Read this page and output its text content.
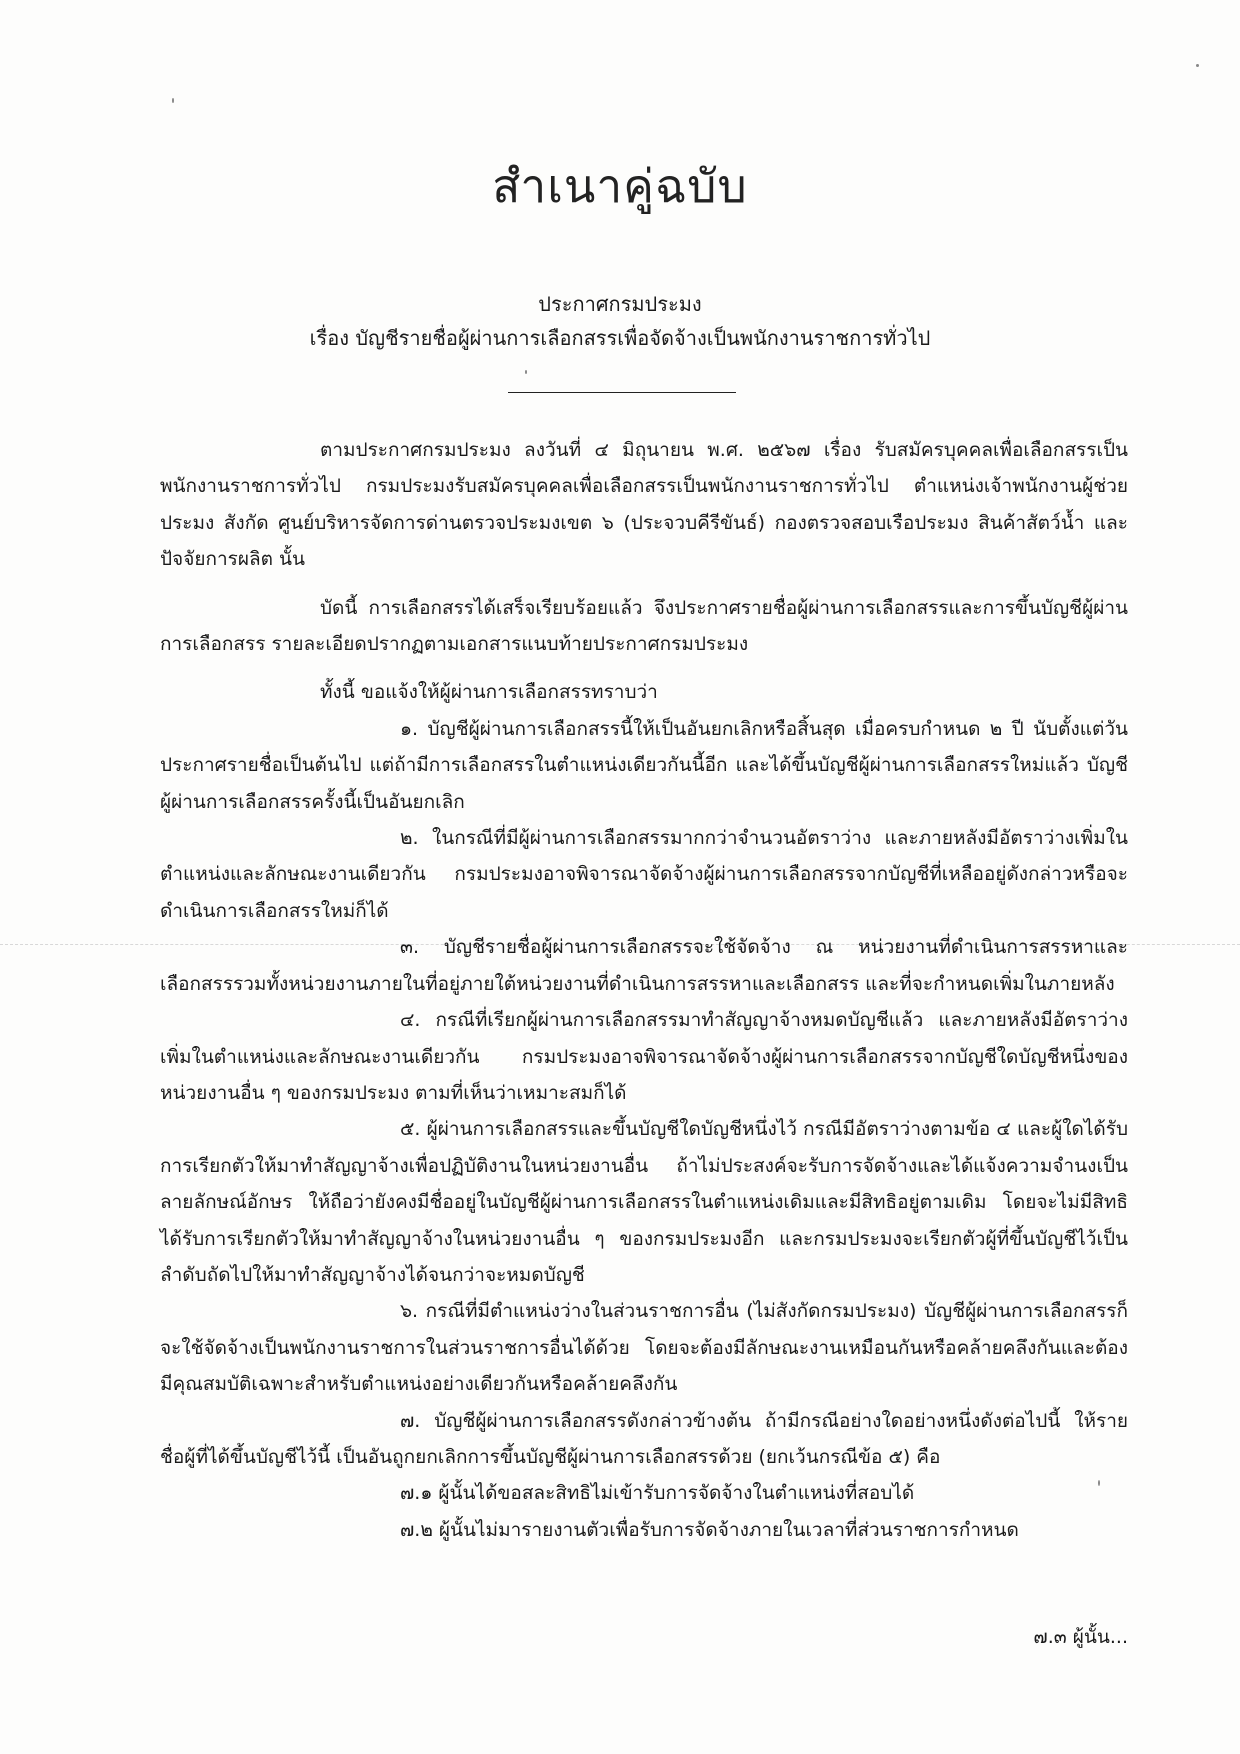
สำเนาคู่ฉบับ
ประกาศกรมประมง
เรื่อง บัญชีรายชื่อผู้ผ่านการเลือกสรรเพื่อจัดจ้างเป็นพนักงานราชการทั่วไป

ตามประกาศกรมประมง ลงวันที่ ๔ มิถุนายน พ.ศ. ๒๕๖๗ เรื่อง รับสมัครบุคคลเพื่อเลือกสรรเป็นพนักงานราชการทั่วไป กรมประมงรับสมัครบุคคลเพื่อเลือกสรรเป็นพนักงานราชการทั่วไป ตำแหน่งเจ้าพนักงานผู้ช่วยประมง สังกัด ศูนย์บริหารจัดการด่านตรวจประมงเขต ๖ (ประจวบคีรีขันธ์) กองตรวจสอบเรือประมง สินค้าสัตว์น้ำ และปัจจัยการผลิต นั้น

บัดนี้ การเลือกสรรได้เสร็จเรียบร้อยแล้ว จึงประกาศรายชื่อผู้ผ่านการเลือกสรรและการขึ้นบัญชีผู้ผ่านการเลือกสรร รายละเอียดปรากฏตามเอกสารแนบท้ายประกาศกรมประมง

ทั้งนี้ ขอแจ้งให้ผู้ผ่านการเลือกสรรทราบว่า

๑. บัญชีผู้ผ่านการเลือกสรรนี้ให้เป็นอันยกเลิกหรือสิ้นสุด เมื่อครบกำหนด ๒ ปี นับตั้งแต่วันประกาศรายชื่อเป็นต้นไป แต่ถ้ามีการเลือกสรรในตำแหน่งเดียวกันนี้อีก และได้ขึ้นบัญชีผู้ผ่านการเลือกสรรใหม่แล้ว บัญชีผู้ผ่านการเลือกสรรครั้งนี้เป็นอันยกเลิก

๒. ในกรณีที่มีผู้ผ่านการเลือกสรรมากกว่าจำนวนอัตราว่าง และภายหลังมีอัตราว่างเพิ่มในตำแหน่งและลักษณะงานเดียวกัน กรมประมงอาจพิจารณาจัดจ้างผู้ผ่านการเลือกสรรจากบัญชีที่เหลืออยู่ดังกล่าวหรือจะดำเนินการเลือกสรรใหม่ก็ได้

๓. บัญชีรายชื่อผู้ผ่านการเลือกสรรจะใช้จัดจ้าง ณ หน่วยงานที่ดำเนินการสรรหาและเลือกสรรรวมทั้งหน่วยงานภายในที่อยู่ภายใต้หน่วยงานที่ดำเนินการสรรหาและเลือกสรร และที่จะกำหนดเพิ่มในภายหลัง

๔. กรณีที่เรียกผู้ผ่านการเลือกสรรมาทำสัญญาจ้างหมดบัญชีแล้ว และภายหลังมีอัตราว่างเพิ่มในตำแหน่งและลักษณะงานเดียวกัน กรมประมงอาจพิจารณาจัดจ้างผู้ผ่านการเลือกสรรจากบัญชีใดบัญชีหนึ่งของหน่วยงานอื่น ๆ ของกรมประมง ตามที่เห็นว่าเหมาะสมก็ได้

๕. ผู้ผ่านการเลือกสรรและขึ้นบัญชีใดบัญชีหนึ่งไว้ กรณีมีอัตราว่างตามข้อ ๔ และผู้ใดได้รับการเรียกตัวให้มาทำสัญญาจ้างเพื่อปฏิบัติงานในหน่วยงานอื่น ถ้าไม่ประสงค์จะรับการจัดจ้างและได้แจ้งความจำนงเป็นลายลักษณ์อักษร ให้ถือว่ายังคงมีชื่ออยู่ในบัญชีผู้ผ่านการเลือกสรรในตำแหน่งเดิมและมีสิทธิอยู่ตามเดิม โดยจะไม่มีสิทธิได้รับการเรียกตัวให้มาทำสัญญาจ้างในหน่วยงานอื่น ๆ ของกรมประมงอีก และกรมประมงจะเรียกตัวผู้ที่ขึ้นบัญชีไว้เป็นลำดับถัดไปให้มาทำสัญญาจ้างได้จนกว่าจะหมดบัญชี

๖. กรณีที่มีตำแหน่งว่างในส่วนราชการอื่น (ไม่สังกัดกรมประมง) บัญชีผู้ผ่านการเลือกสรรก็จะใช้จัดจ้างเป็นพนักงานราชการในส่วนราชการอื่นได้ด้วย โดยจะต้องมีลักษณะงานเหมือนกันหรือคล้ายคลึงกันและต้องมีคุณสมบัติเฉพาะสำหรับตำแหน่งอย่างเดียวกันหรือคล้ายคลึงกัน

๗. บัญชีผู้ผ่านการเลือกสรรดังกล่าวข้างต้น ถ้ามีกรณีอย่างใดอย่างหนึ่งดังต่อไปนี้ ให้รายชื่อผู้ที่ได้ขึ้นบัญชีไว้นี้ เป็นอันถูกยกเลิกการขึ้นบัญชีผู้ผ่านการเลือกสรรด้วย (ยกเว้นกรณีข้อ ๕) คือ

๗.๑ ผู้นั้นได้ขอสละสิทธิไม่เข้ารับการจัดจ้างในตำแหน่งที่สอบได้

๗.๒ ผู้นั้นไม่มารายงานตัวเพื่อรับการจัดจ้างภายในเวลาที่ส่วนราชการกำหนด

๗.๓ ผู้นั้น...
